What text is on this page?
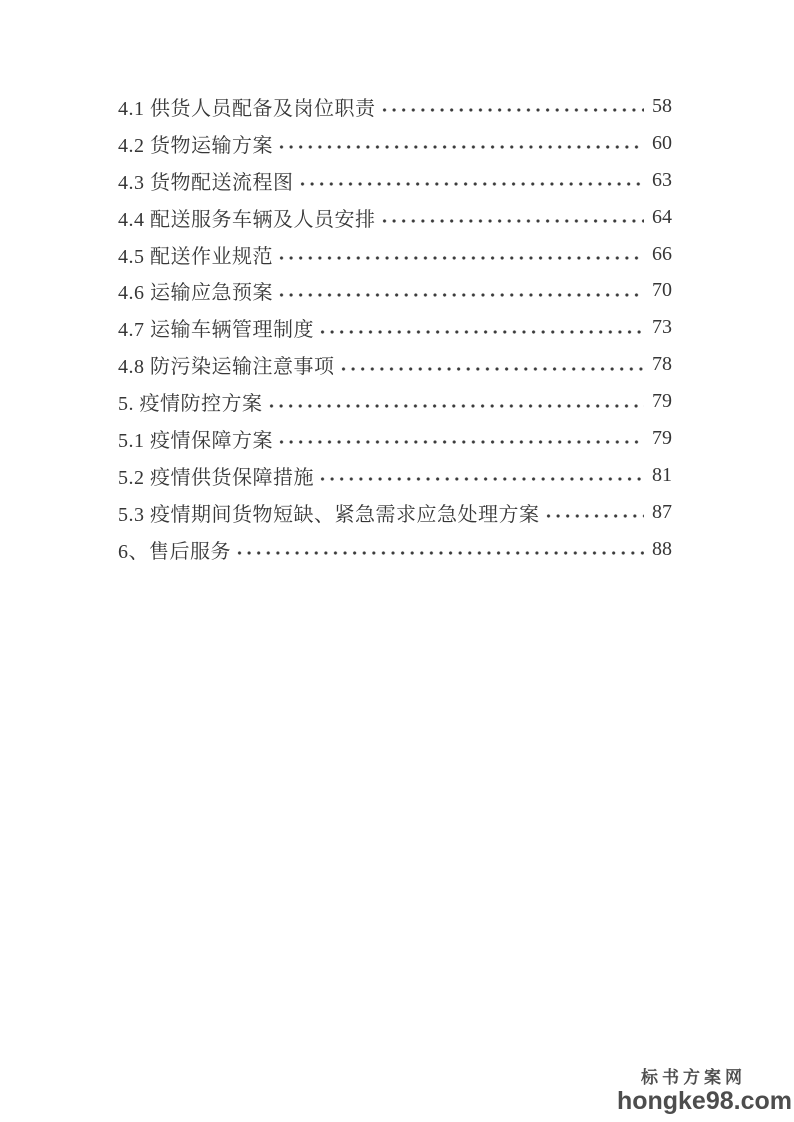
4.1 供货人员配备及岗位职责	58
4.2 货物运输方案	60
4.3 货物配送流程图	63
4.4 配送服务车辆及人员安排	64
4.5 配送作业规范	66
4.6 运输应急预案	70
4.7 运输车辆管理制度	73
4.8 防污染运输注意事项	78
5. 疫情防控方案	79
5.1 疫情保障方案	79
5.2 疫情供货保障措施	81
5.3 疫情期间货物短缺、紧急需求应急处理方案	87
6、售后服务	88
标书方案网
hongke98.com
